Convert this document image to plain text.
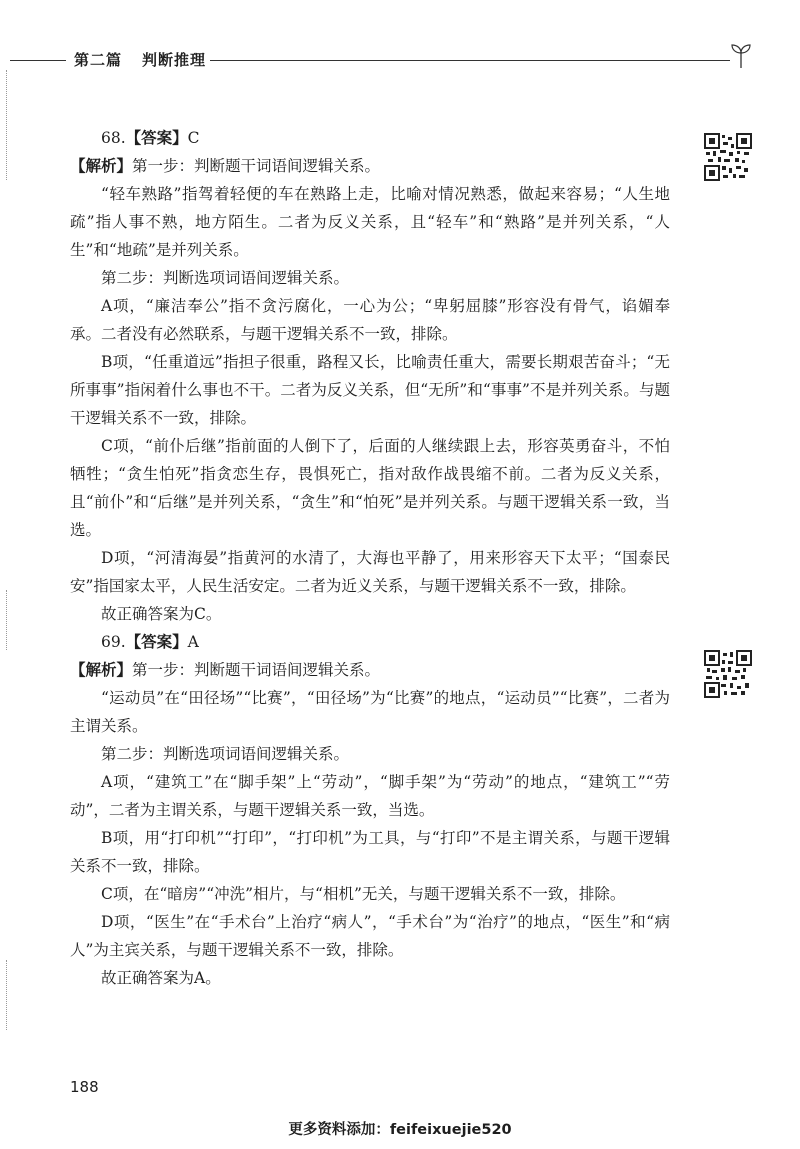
第二篇 判断推理

68.【答案】C

【解析】第一步：判断题干词语间逻辑关系。

“轻车熟路”指驾着轻便的车在熟路上走，比喻对情况熟悉，做起来容易；“人生地疏”指人事不熟，地方陌生。二者为反义关系，且“轻车”和“熟路”是并列关系，“人生”和“地疏”是并列关系。

第二步：判断选项词语间逻辑关系。

A项，“廉洁奉公”指不贪污腐化，一心为公；“卑躬屈膝”形容没有骨气，谄媚奉承。二者没有必然联系，与题干逻辑关系不一致，排除。

B项，“任重道远”指担子很重，路程又长，比喻责任重大，需要长期艰苦奋斗；“无所事事”指闲着什么事也不干。二者为反义关系，但“无所”和“事事”不是并列关系。与题干逻辑关系不一致，排除。

C项，“前仆后继”指前面的人倒下了，后面的人继续跟上去，形容英勇奋斗，不怕牺牲；“贪生怕死”指贪恋生存，畏惧死亡，指对敌作战畏缩不前。二者为反义关系，且“前仆”和“后继”是并列关系，“贪生”和“怕死”是并列关系。与题干逻辑关系一致，当选。

D项，“河清海晏”指黄河的水清了，大海也平静了，用来形容天下太平；“国泰民安”指国家太平，人民生活安定。二者为近义关系，与题干逻辑关系不一致，排除。

故正确答案为C。

69.【答案】A

【解析】第一步：判断题干词语间逻辑关系。

“运动员”在“田径场”“比赛”，“田径场”为“比赛”的地点，“运动员”“比赛”，二者为主谓关系。

第二步：判断选项词语间逻辑关系。

A项，“建筑工”在“脚手架”上“劳动”，“脚手架”为“劳动”的地点，“建筑工”“劳动”，二者为主谓关系，与题干逻辑关系一致，当选。

B项，用“打印机”“打印”，“打印机”为工具，与“打印”不是主谓关系，与题干逻辑关系不一致，排除。

C项，在“暗房”“冲洗”相片，与“相机”无关，与题干逻辑关系不一致，排除。

D项，“医生”在“手术台”上治疗“病人”，“手术台”为“治疗”的地点，“医生”和“病人”为主宾关系，与题干逻辑关系不一致，排除。

故正确答案为A。

188
更多资料添加：feifeixuejie520
